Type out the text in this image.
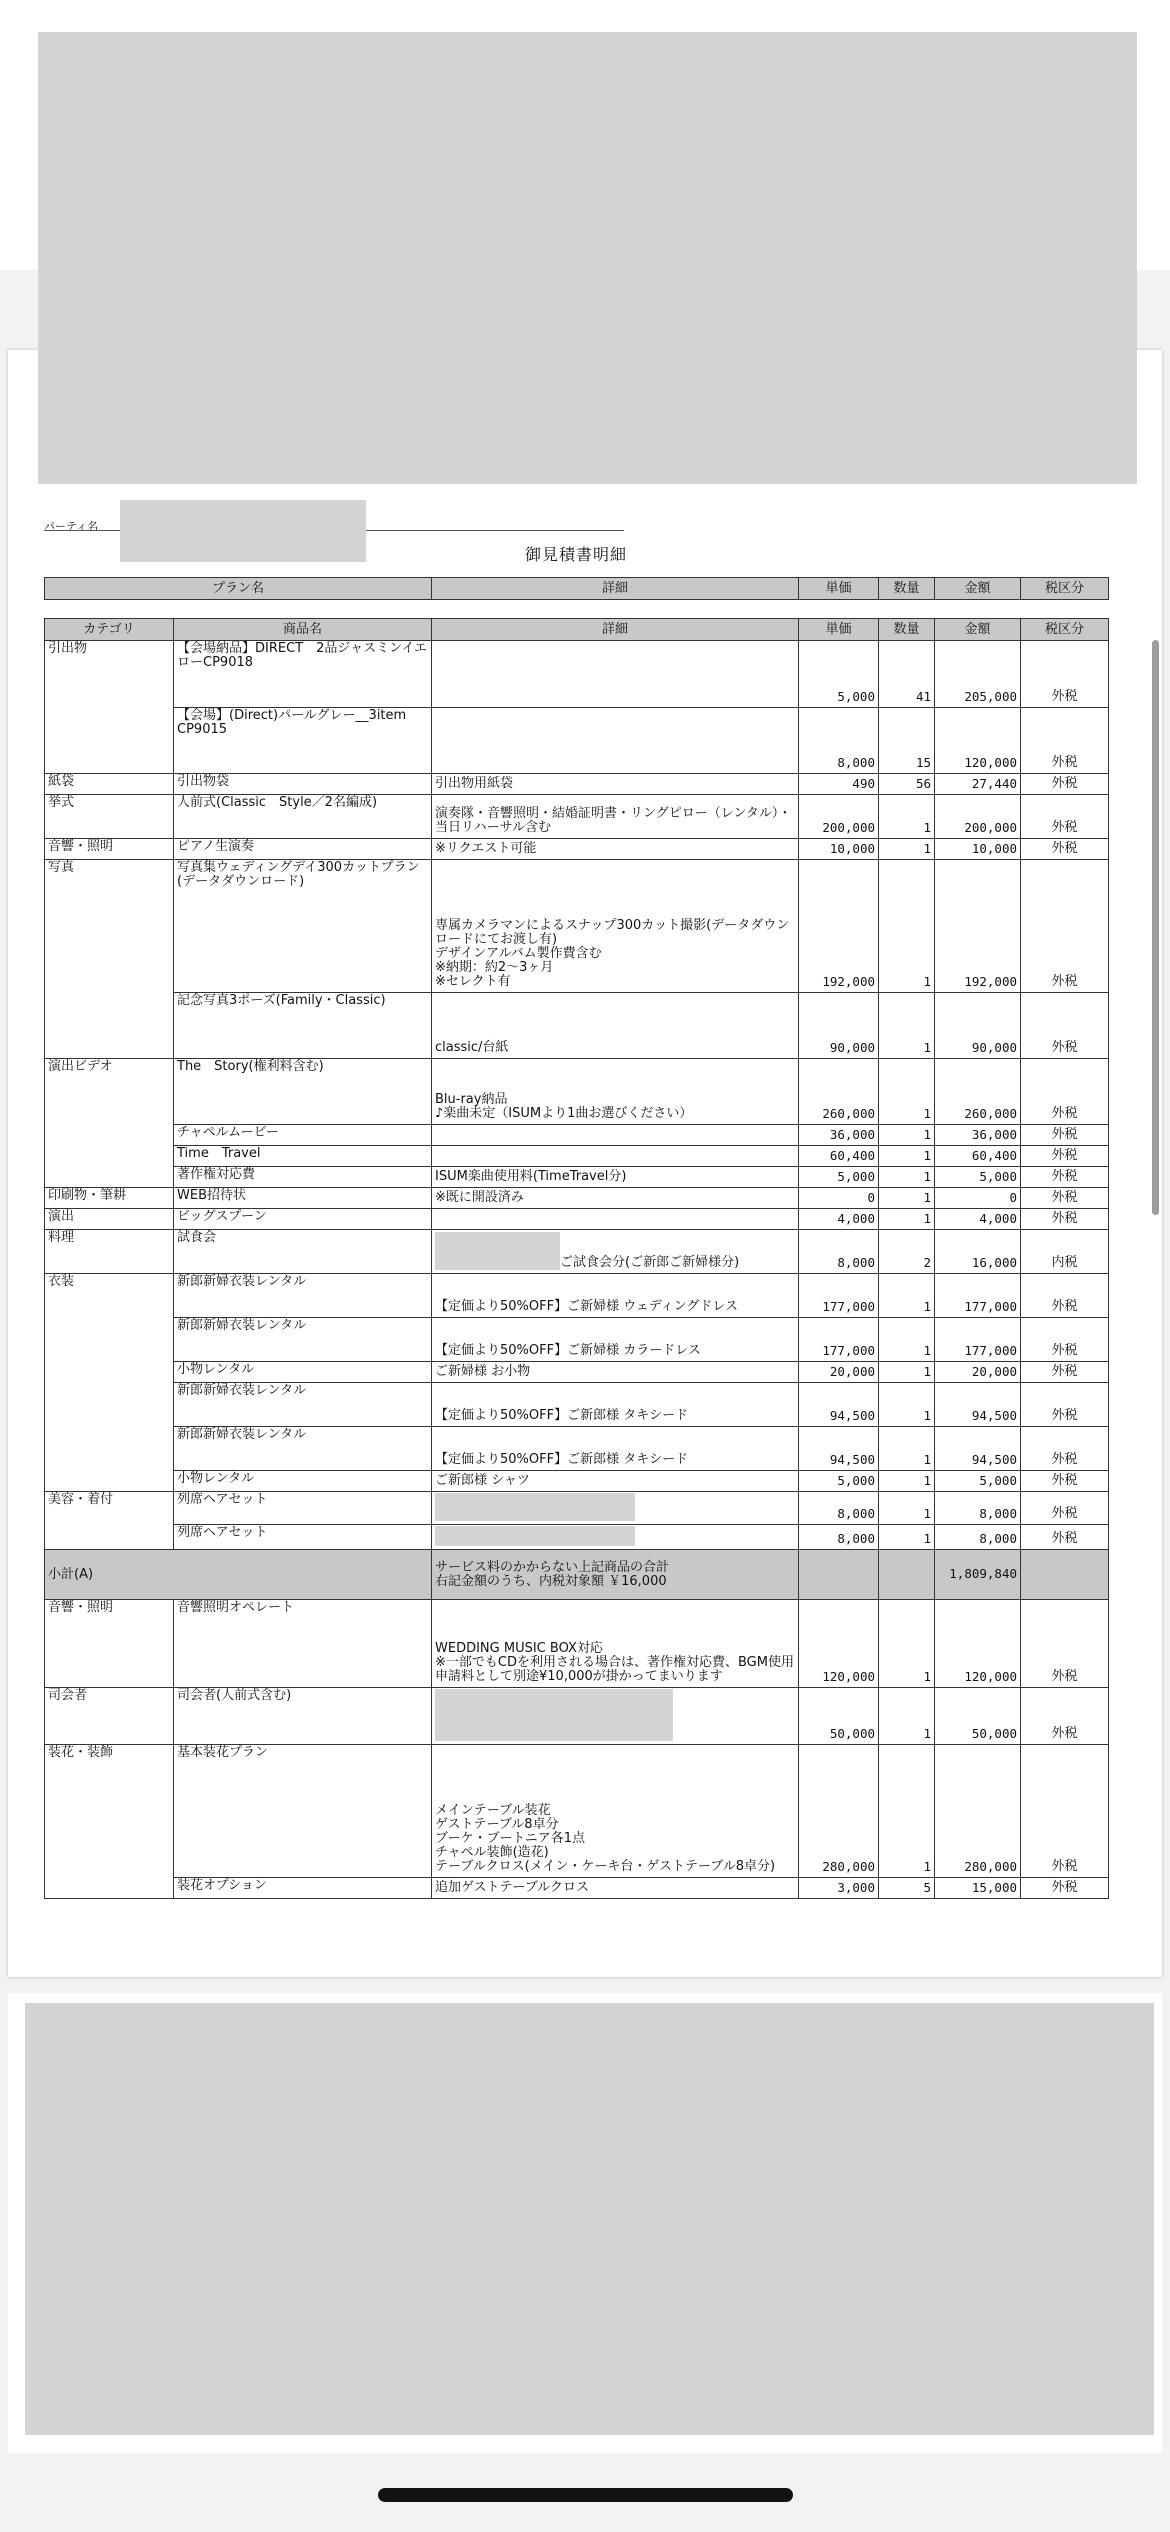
パーティ名
御見積書明細
プラン名	詳細	単価	数量	金額	税区分
カテゴリ	商品名	詳細	単価	数量	金額	税区分
引出物	【会場納品】DIRECT　2品ジャスミンイエローCP9018		5,000	41	205,000	外税
	【会場】(Direct)パールグレー__3item　CP9015		8,000	15	120,000	外税
紙袋	引出物袋	引出物用紙袋	490	56	27,440	外税
挙式	人前式(Classic　Style／2名編成)	演奏隊・音響照明・結婚証明書・リングピロー（レンタル）・当日リハーサル含む	200,000	1	200,000	外税
音響・照明	ピアノ生演奏	※リクエスト可能	10,000	1	10,000	外税
写真	写真集ウェディングデイ300カットプラン(データダウンロード)	専属カメラマンによるスナップ300カット撮影(データダウンロードにてお渡し有)
デザインアルバム製作費含む
※納期：約2〜3ヶ月
※セレクト有	192,000	1	192,000	外税
	記念写真3ポーズ(Family・Classic)	classic/台紙	90,000	1	90,000	外税
演出ビデオ	The　Story(権利料含む)	Blu-ray納品
♪楽曲未定（ISUMより1曲お選びください）	260,000	1	260,000	外税
	チャペルムービー		36,000	1	36,000	外税
	Time　Travel		60,400	1	60,400	外税
	著作権対応費	ISUM楽曲使用料(TimeTravel分)	5,000	1	5,000	外税
印刷物・筆耕	WEB招待状	※既に開設済み	0	1	0	外税
演出	ビッグスプーン		4,000	1	4,000	外税
料理	試食会	ご試食会分(ご新郎ご新婦様分)	8,000	2	16,000	内税
衣装	新郎新婦衣装レンタル	【定価より50%OFF】ご新婦様 ウェディングドレス	177,000	1	177,000	外税
	新郎新婦衣装レンタル	【定価より50%OFF】ご新婦様 カラードレス	177,000	1	177,000	外税
	小物レンタル	ご新婦様 お小物	20,000	1	20,000	外税
	新郎新婦衣装レンタル	【定価より50%OFF】ご新郎様 タキシード	94,500	1	94,500	外税
	新郎新婦衣装レンタル	【定価より50%OFF】ご新郎様 タキシード	94,500	1	94,500	外税
	小物レンタル	ご新郎様 シャツ	5,000	1	5,000	外税
美容・着付	列席ヘアセット		8,000	1	8,000	外税
	列席ヘアセット		8,000	1	8,000	外税
小計(A)		サービス料のかからない上記商品の合計
右記金額のうち、内税対象額 ￥16,000			1,809,840	
音響・照明	音響照明オペレート	WEDDING MUSIC BOX対応
※一部でもCDを利用される場合は、著作権対応費、BGM使用申請料として別途¥10,000が掛かってまいります	120,000	1	120,000	外税
司会者	司会者(人前式含む)		50,000	1	50,000	外税
装花・装飾	基本装花プラン	メインテーブル装花
ゲストテーブル8卓分
ブーケ・ブートニア各1点
チャペル装飾(造花)
テーブルクロス(メイン・ケーキ台・ゲストテーブル8卓分)	280,000	1	280,000	外税
	装花オプション	追加ゲストテーブルクロス	3,000	5	15,000	外税
